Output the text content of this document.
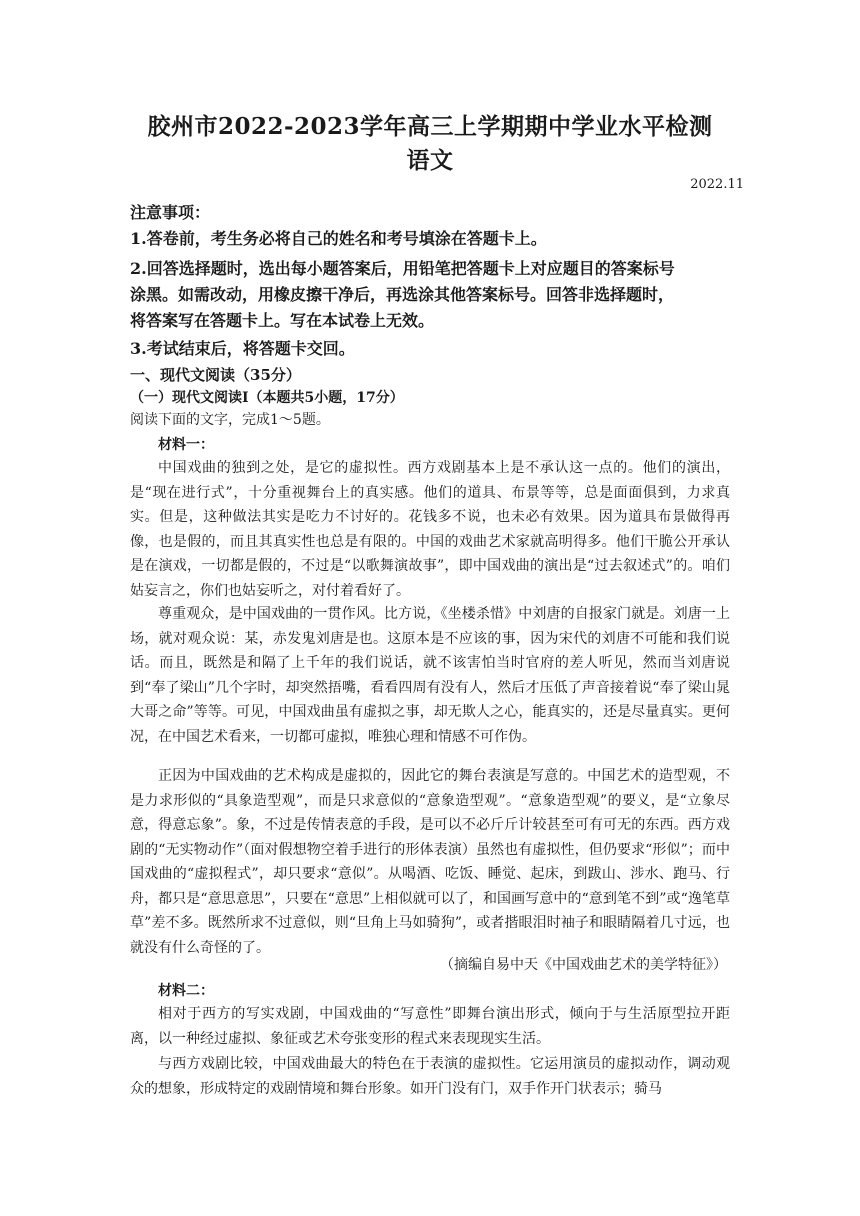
胶州市2022-2023学年高三上学期期中学业水平检测
语文
2022.11
注意事项：
1.答卷前，考生务必将自己的姓名和考号填涂在答题卡上。
2.回答选择题时，选出每小题答案后，用铅笔把答题卡上对应题目的答案标号
涂黑。如需改动，用橡皮擦干净后，再选涂其他答案标号。回答非选择题时，
将答案写在答题卡上。写在本试卷上无效。
3.考试结束后，将答题卡交回。
一、现代文阅读（35分）
（一）现代文阅读Ⅰ（本题共5小题，17分）
阅读下面的文字，完成1～5题。
材料一：
中国戏曲的独到之处，是它的虚拟性。西方戏剧基本上是不承认这一点的。他们的演出，是“现在进行式”，十分重视舞台上的真实感。他们的道具、布景等等，总是面面俱到，力求真实。但是，这种做法其实是吃力不讨好的。花钱多不说，也未必有效果。因为道具布景做得再像，也是假的，而且其真实性也总是有限的。中国的戏曲艺术家就高明得多。他们干脆公开承认是在演戏，一切都是假的，不过是“以歌舞演故事”，即中国戏曲的演出是“过去叙述式”的。咱们姑妄言之，你们也姑妄听之，对付着看好了。
尊重观众，是中国戏曲的一贯作风。比方说，《坐楼杀惜》中刘唐的自报家门就是。刘唐一上场，就对观众说：某，赤发鬼刘唐是也。这原本是不应该的事，因为宋代的刘唐不可能和我们说话。而且，既然是和隔了上千年的我们说话，就不该害怕当时官府的差人听见，然而当刘唐说到“奉了梁山”几个字时，却突然捂嘴，看看四周有没有人，然后才压低了声音接着说“奉了梁山晁大哥之命”等等。可见，中国戏曲虽有虚拟之事，却无欺人之心，能真实的，还是尽量真实。更何况，在中国艺术看来，一切都可虚拟，唯独心理和情感不可作伪。
正因为中国戏曲的艺术构成是虚拟的，因此它的舞台表演是写意的。中国艺术的造型观，不是力求形似的“具象造型观”，而是只求意似的“意象造型观”。“意象造型观”的要义，是“立象尽意，得意忘象”。象，不过是传情表意的手段，是可以不必斤斤计较甚至可有可无的东西。西方戏剧的“无实物动作”（面对假想物空着手进行的形体表演）虽然也有虚拟性，但仍要求“形似”；而中国戏曲的“虚拟程式”，却只要求“意似”。从喝酒、吃饭、睡觉、起床，到跋山、涉水、跑马、行舟，都只是“意思意思”，只要在“意思”上相似就可以了，和国画写意中的“意到笔不到”或“逸笔草草”差不多。既然所求不过意似，则“旦角上马如骑狗”，或者揩眼泪时袖子和眼睛隔着几寸远，也就没有什么奇怪的了。
（摘编自易中天《中国戏曲艺术的美学特征》）
材料二：
相对于西方的写实戏剧，中国戏曲的“写意性”即舞台演出形式，倾向于与生活原型拉开距离，以一种经过虚拟、象征或艺术夸张变形的程式来表现现实生活。
与西方戏剧比较，中国戏曲最大的特色在于表演的虚拟性。它运用演员的虚拟动作，调动观众的想象，形成特定的戏剧情境和舞台形象。如开门没有门，双手作开门状表示；骑马
